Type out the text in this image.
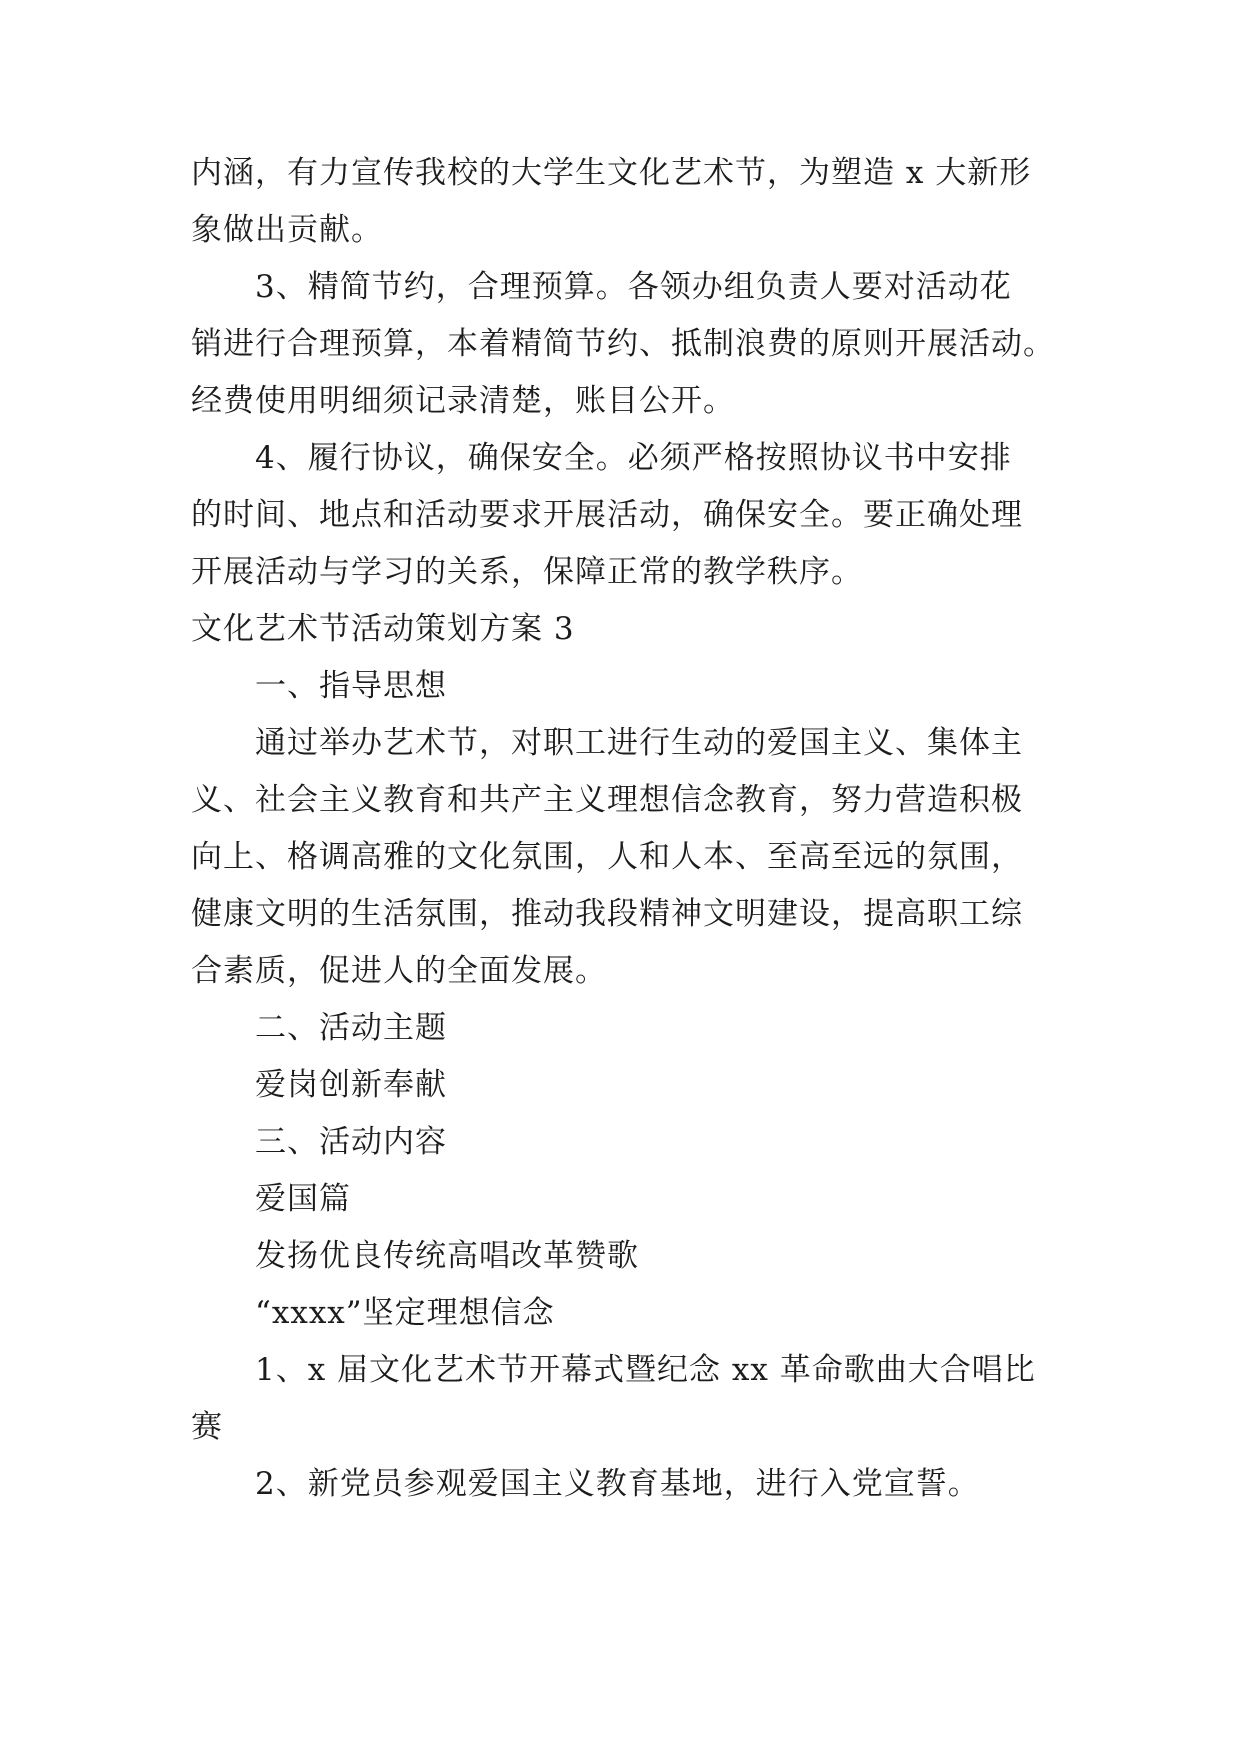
内涵，有力宣传我校的大学生文化艺术节，为塑造 x 大新形

象做出贡献。

3、精简节约，合理预算。各领办组负责人要对活动花

销进行合理预算，本着精简节约、抵制浪费的原则开展活动。

经费使用明细须记录清楚，账目公开。

4、履行协议，确保安全。必须严格按照协议书中安排

的时间、地点和活动要求开展活动，确保安全。要正确处理

开展活动与学习的关系，保障正常的教学秩序。

文化艺术节活动策划方案 3

一、指导思想

通过举办艺术节，对职工进行生动的爱国主义、集体主

义、社会主义教育和共产主义理想信念教育，努力营造积极

向上、格调高雅的文化氛围，人和人本、至高至远的氛围，

健康文明的生活氛围，推动我段精神文明建设，提高职工综

合素质，促进人的全面发展。

二、活动主题

爱岗创新奉献

三、活动内容

爱国篇

发扬优良传统高唱改革赞歌

“xxxx”坚定理想信念

1、x 届文化艺术节开幕式暨纪念 xx 革命歌曲大合唱比

赛

2、新党员参观爱国主义教育基地，进行入党宣誓。
